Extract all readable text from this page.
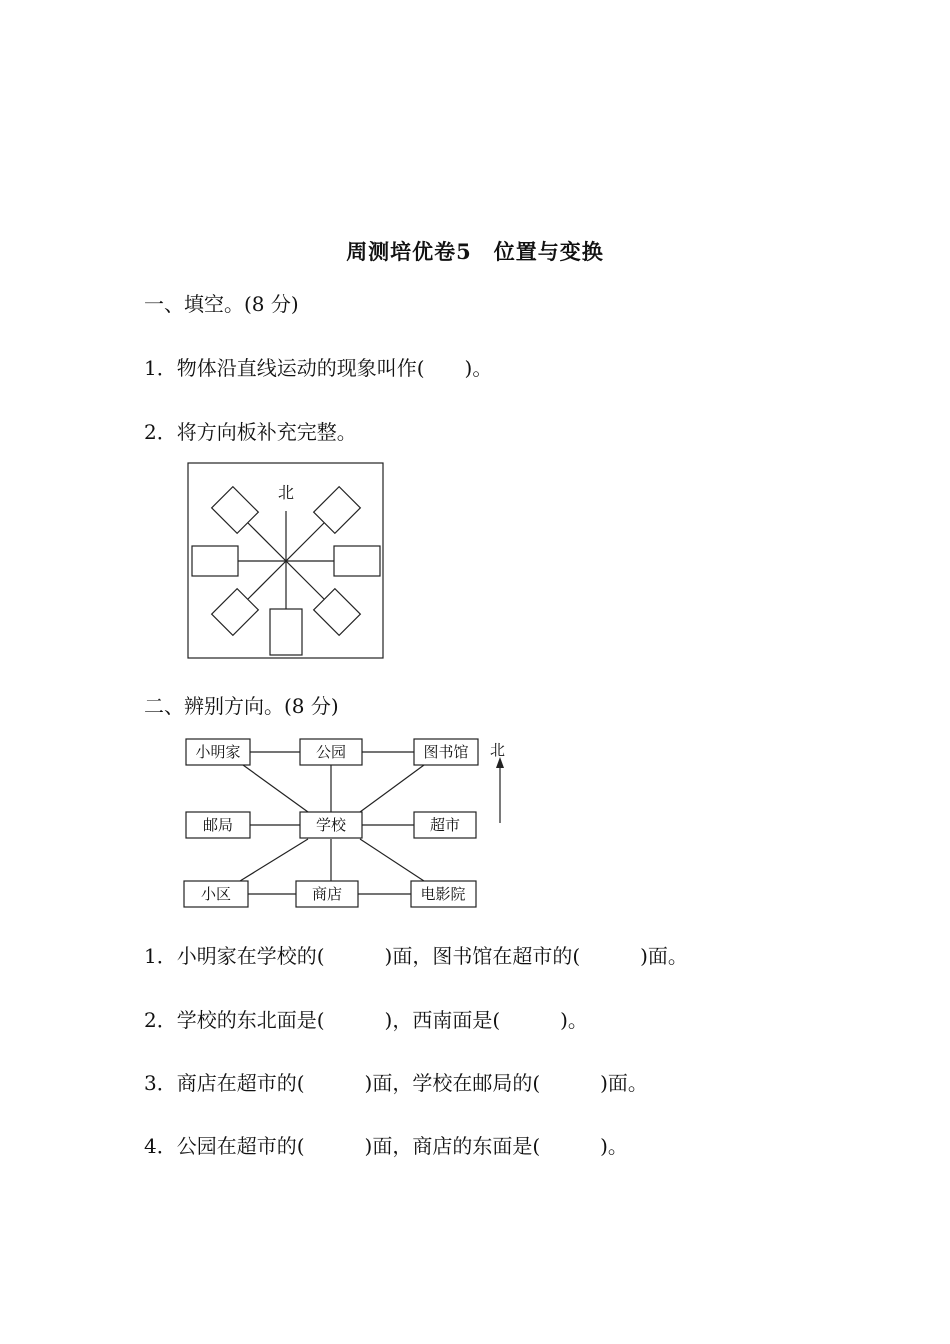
周测培优卷5　位置与变换
一、填空。(8 分)
1．物体沿直线运动的现象叫作(　　)。
2．将方向板补充完整。
北
二、辨别方向。(8 分)
北
小明家	公园	图书馆
邮局	学校	超市
小区	商店	电影院
1．小明家在学校的(　　　)面，图书馆在超市的(　　　)面。
2．学校的东北面是(　　　)，西南面是(　　　)。
3．商店在超市的(　　　)面，学校在邮局的(　　　)面。
4．公园在超市的(　　　)面，商店的东面是(　　　)。
